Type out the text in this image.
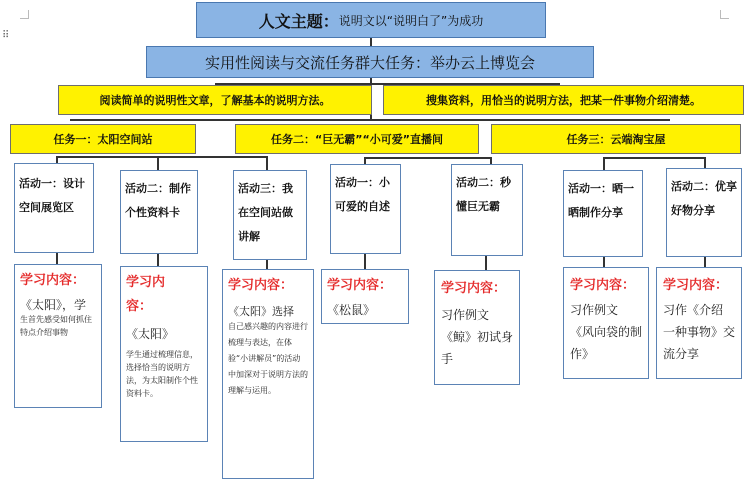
⠿
人文主题： 说明文以“说明白了”为成功
实用性阅读与交流任务群大任务：举办云上博览会
阅读简单的说明性文章，了解基本的说明方法。	搜集资料，用恰当的说明方法，把某一件事物介绍清楚。
任务一：太阳空间站	任务二：“巨无霸”“小可爱”直播间	任务三：云端淘宝屋
活动一：设计空间展览区
活动二：制作个性资料卡
活动三：我在空间站做讲解
活动一：小可爱的自述
活动二：秒懂巨无霸
活动一：晒一晒制作分享
活动二：优享好物分享
学习内容：
《太阳》，学
生首先感受如何抓住特点介绍事物
学习内容：
《太阳》
学生通过梳理信息，选择恰当的说明方法，为太阳制作个性资料卡。
学习内容：
《太阳》选择
自己感兴趣的内容进行梳理与表达，在体验“小讲解员”的活动中加深对于说明方法的理解与运用。
学习内容：
《松鼠》
学习内容：
习作例文
《鲸》初试身手
学习内容：
习作例文
《风向袋的制作》
学习内容：
习作《介绍
一种事物》交流分享
